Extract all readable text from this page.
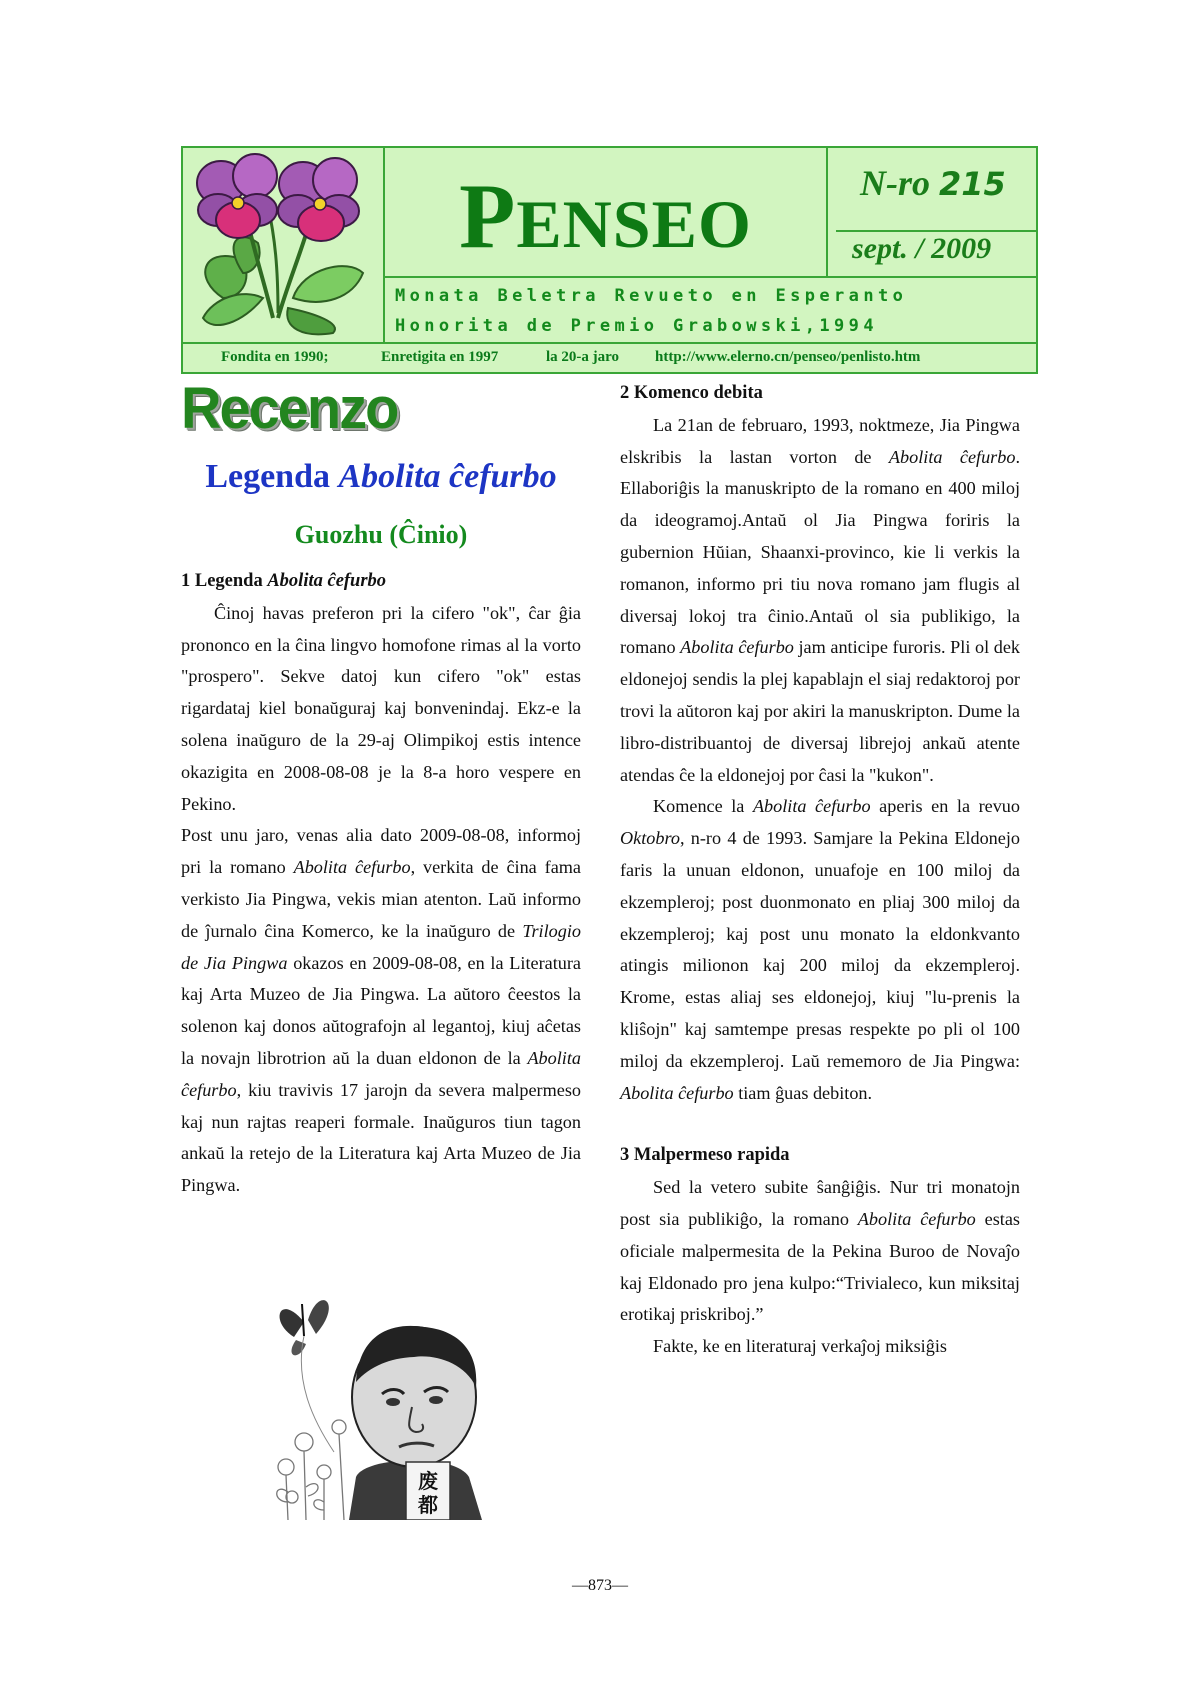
PENSEO
N-ro 215
sept. / 2009
Monata Beletra Revueto en Esperanto
Honorita de Premio Grabowski,1994
Fondita en 1990;	Enretigita en 1997	la 20-a jaro http://www.elerno.cn/penseo/penlisto.htm
Recenzo
Legenda Abolita ĉefurbo
Guozhu (Ĉinio)

1 Legenda Abolita ĉefurbo

Ĉinoj havas preferon pri la cifero "ok", ĉar ĝia prononco en la ĉina lingvo homofone rimas al la vorto "prospero". Sekve datoj kun cifero "ok" estas rigardataj kiel bonaŭguraj kaj bonvenindaj. Ekz-e la solena inaŭguro de la 29-aj Olimpikoj estis intence okazigita en 2008-08-08 je la 8-a horo vespere en Pekino.

Post unu jaro, venas alia dato 2009-08-08, informoj pri la romano Abolita ĉefurbo, verkita de ĉina fama verkisto Jia Pingwa, vekis mian atenton. Laŭ informo de ĵurnalo ĉina Komerco, ke la inaŭguro de Trilogio de Jia Pingwa okazos en 2009-08-08, en la Literatura kaj Arta Muzeo de Jia Pingwa. La aŭtoro ĉeestos la solenon kaj donos aŭtografojn al legantoj, kiuj aĉetas la novajn librotrion aŭ la duan eldonon de la Abolita ĉefurbo, kiu travivis 17 jarojn da severa malpermeso kaj nun rajtas reaperi formale. Inaŭguros tiun tagon ankaŭ la retejo de la Literatura kaj Arta Muzeo de Jia Pingwa.

废
都

2 Komenco debita

La 21an de februaro, 1993, noktmeze, Jia Pingwa elskribis la lastan vorton de Abolita ĉefurbo. Ellaboriĝis la manuskripto de la romano en 400 miloj da ideogramoj.Antaŭ ol Jia Pingwa foriris la gubernion Hŭian, Shaanxi-provinco, kie li verkis la romanon, informo pri tiu nova romano jam flugis al diversaj lokoj tra ĉinio.Antaŭ ol sia publikigo, la romano Abolita ĉefurbo jam anticipe furoris. Pli ol dek eldonejoj sendis la plej kapablajn el siaj redaktoroj por trovi la aŭtoron kaj por akiri la manuskripton. Dume la libro-distribuantoj de diversaj librejoj ankaŭ atente atendas ĉe la eldonejoj por ĉasi la "kukon".

Komence la Abolita ĉefurbo aperis en la revuo Oktobro, n-ro 4 de 1993. Samjare la Pekina Eldonejo faris la unuan eldonon, unuafoje en 100 miloj da ekzempleroj; post duonmonato en pliaj 300 miloj da ekzempleroj; kaj post unu monato la eldonkvanto atingis milionon kaj 200 miloj da ekzempleroj. Krome, estas aliaj ses eldonejoj, kiuj "lu-prenis la kliŝojn" kaj samtempe presas respekte po pli ol 100 miloj da ekzempleroj. Laŭ rememoro de Jia Pingwa: Abolita ĉefurbo tiam ĝuas debiton.

3 Malpermeso rapida

Sed la vetero subite ŝanĝiĝis. Nur tri monatojn post sia publikiĝo, la romano Abolita ĉefurbo estas oficiale malpermesita de la Pekina Buroo de Novaĵo kaj Eldonado pro jena kulpo:“Trivialeco, kun miksitaj erotikaj priskriboj.”

Fakte, ke en literaturaj verkaĵoj miksiĝis

—873—
